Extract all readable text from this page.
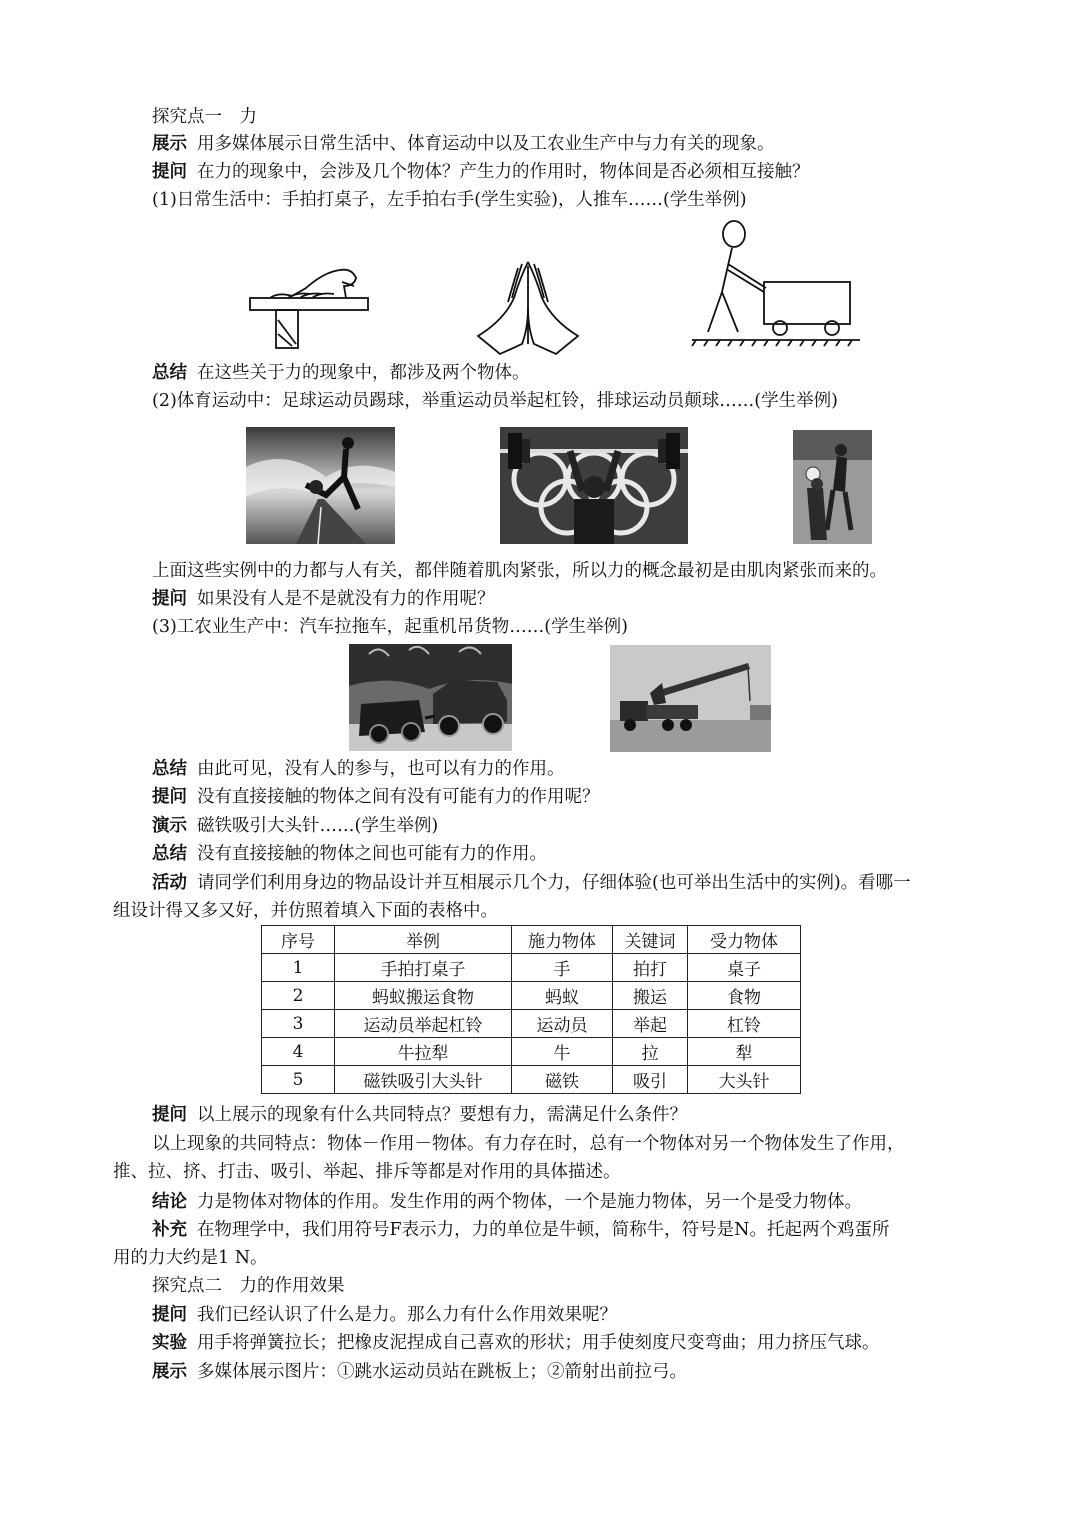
探究点一　力
展示 用多媒体展示日常生活中、体育运动中以及工农业生产中与力有关的现象。
提问 在力的现象中，会涉及几个物体？产生力的作用时，物体间是否必须相互接触？
(1)日常生活中：手拍打桌子，左手拍右手(学生实验)，人推车……(学生举例)
总结 在这些关于力的现象中，都涉及两个物体。
(2)体育运动中：足球运动员踢球，举重运动员举起杠铃，排球运动员颠球……(学生举例)
上面这些实例中的力都与人有关，都伴随着肌肉紧张，所以力的概念最初是由肌肉紧张而来的。
提问 如果没有人是不是就没有力的作用呢？
(3)工农业生产中：汽车拉拖车，起重机吊货物……(学生举例)
总结 由此可见，没有人的参与，也可以有力的作用。
提问 没有直接接触的物体之间有没有可能有力的作用呢？
演示 磁铁吸引大头针……(学生举例)
总结 没有直接接触的物体之间也可能有力的作用。
活动 请同学们利用身边的物品设计并互相展示几个力，仔细体验(也可举出生活中的实例)。看哪一
组设计得又多又好，并仿照着填入下面的表格中。
序号	举例	施力物体	关键词	受力物体
1	手拍打桌子	手	拍打	桌子
2	蚂蚁搬运食物	蚂蚁	搬运	食物
3	运动员举起杠铃	运动员	举起	杠铃
4	牛拉犁	牛	拉	犁
5	磁铁吸引大头针	磁铁	吸引	大头针
提问 以上展示的现象有什么共同特点？要想有力，需满足什么条件？
以上现象的共同特点：物体－作用－物体。有力存在时，总有一个物体对另一个物体发生了作用，
推、拉、挤、打击、吸引、举起、排斥等都是对作用的具体描述。
结论 力是物体对物体的作用。发生作用的两个物体，一个是施力物体，另一个是受力物体。
补充 在物理学中，我们用符号F表示力，力的单位是牛顿，简称牛，符号是N。托起两个鸡蛋所
用的力大约是1 N。
探究点二　力的作用效果
提问 我们已经认识了什么是力。那么力有什么作用效果呢？
实验 用手将弹簧拉长；把橡皮泥捏成自己喜欢的形状；用手使刻度尺变弯曲；用力挤压气球。
展示 多媒体展示图片：①跳水运动员站在跳板上；②箭射出前拉弓。
